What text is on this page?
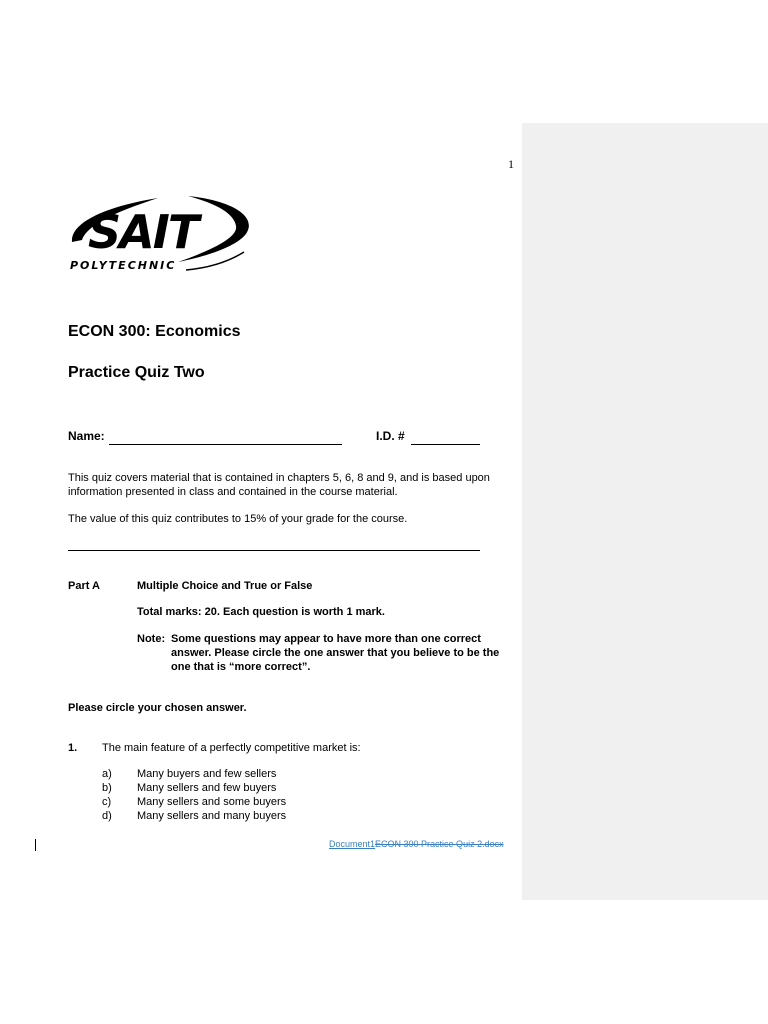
1
SAIT
POLYTECHNIC
ECON 300: Economics
Practice Quiz Two
Name:	I.D. #
This quiz covers material that is contained in chapters 5, 6, 8 and 9, and is based upon information presented in class and contained in the course material.
The value of this quiz contributes to 15% of your grade for the course.
Part A	Multiple Choice and True or False
Total marks: 20. Each question is worth 1 mark.
Note: Some questions may appear to have more than one correct answer. Please circle the one answer that you believe to be the one that is “more correct”.
Please circle your chosen answer.
1. The main feature of a perfectly competitive market is:
a) Many buyers and few sellers
b) Many sellers and few buyers
c) Many sellers and some buyers
d) Many sellers and many buyers
Document1ECON 300 Practice Quiz 2.docx
